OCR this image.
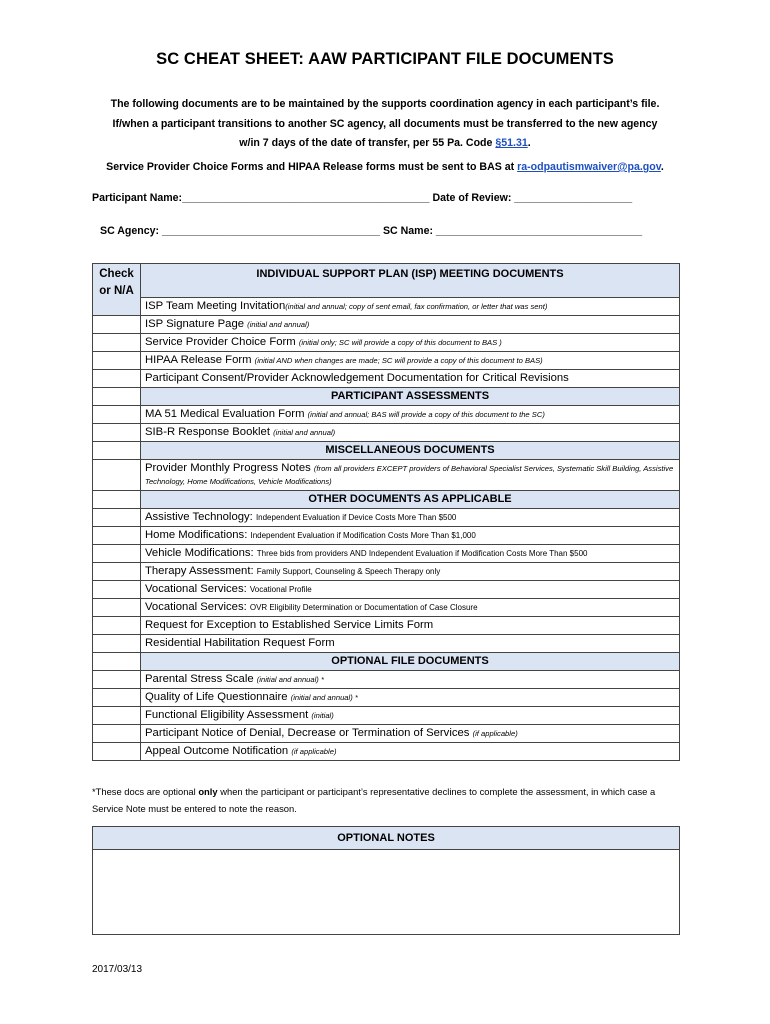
SC CHEAT SHEET: AAW PARTICIPANT FILE DOCUMENTS
The following documents are to be maintained by the supports coordination agency in each participant’s file.
If/when a participant transitions to another SC agency, all documents must be transferred to the new agency
w/in 7 days of the date of transfer, per 55 Pa. Code §51.31.
Service Provider Choice Forms and HIPAA Release forms must be sent to BAS at ra-odpautismwaiver@pa.gov.
Participant Name:__________________________________________ Date of Review: ____________________
SC Agency: _____________________________________ SC Name: ___________________________________
Check
or N/A	INDIVIDUAL SUPPORT PLAN (ISP) MEETING DOCUMENTS
	ISP Team Meeting Invitation(initial and annual; copy of sent email, fax confirmation, or letter that was sent)
	ISP Signature Page (initial and annual)
	Service Provider Choice Form (initial only; SC will provide a copy of this document to BAS )
	HIPAA Release Form (initial AND when changes are made; SC will provide a copy of this document to BAS)
	Participant Consent/Provider Acknowledgement Documentation for Critical Revisions
	PARTICIPANT ASSESSMENTS
	MA 51 Medical Evaluation Form (initial and annual; BAS will provide a copy of this document to the SC)
	SIB-R Response Booklet (initial and annual)
	MISCELLANEOUS DOCUMENTS
	Provider Monthly Progress Notes (from all providers EXCEPT providers of Behavioral Specialist Services, Systematic Skill Building, Assistive Technology, Home Modifications, Vehicle Modifications)
	OTHER DOCUMENTS AS APPLICABLE
	Assistive Technology: Independent Evaluation if Device Costs More Than $500
	Home Modifications: Independent Evaluation if Modification Costs More Than $1,000
	Vehicle Modifications: Three bids from providers AND Independent Evaluation if Modification Costs More Than $500
	Therapy Assessment: Family Support, Counseling & Speech Therapy only
	Vocational Services: Vocational Profile
	Vocational Services: OVR Eligibility Determination or Documentation of Case Closure
	Request for Exception to Established Service Limits Form
	Residential Habilitation Request Form
	OPTIONAL FILE DOCUMENTS
	Parental Stress Scale (initial and annual) *
	Quality of Life Questionnaire (initial and annual) *
	Functional Eligibility Assessment (initial)
	Participant Notice of Denial, Decrease or Termination of Services (if applicable)
	Appeal Outcome Notification (if applicable)
*These docs are optional only when the participant or participant’s representative declines to complete the assessment, in which case a Service Note must be entered to note the reason.
OPTIONAL NOTES
2017/03/13
